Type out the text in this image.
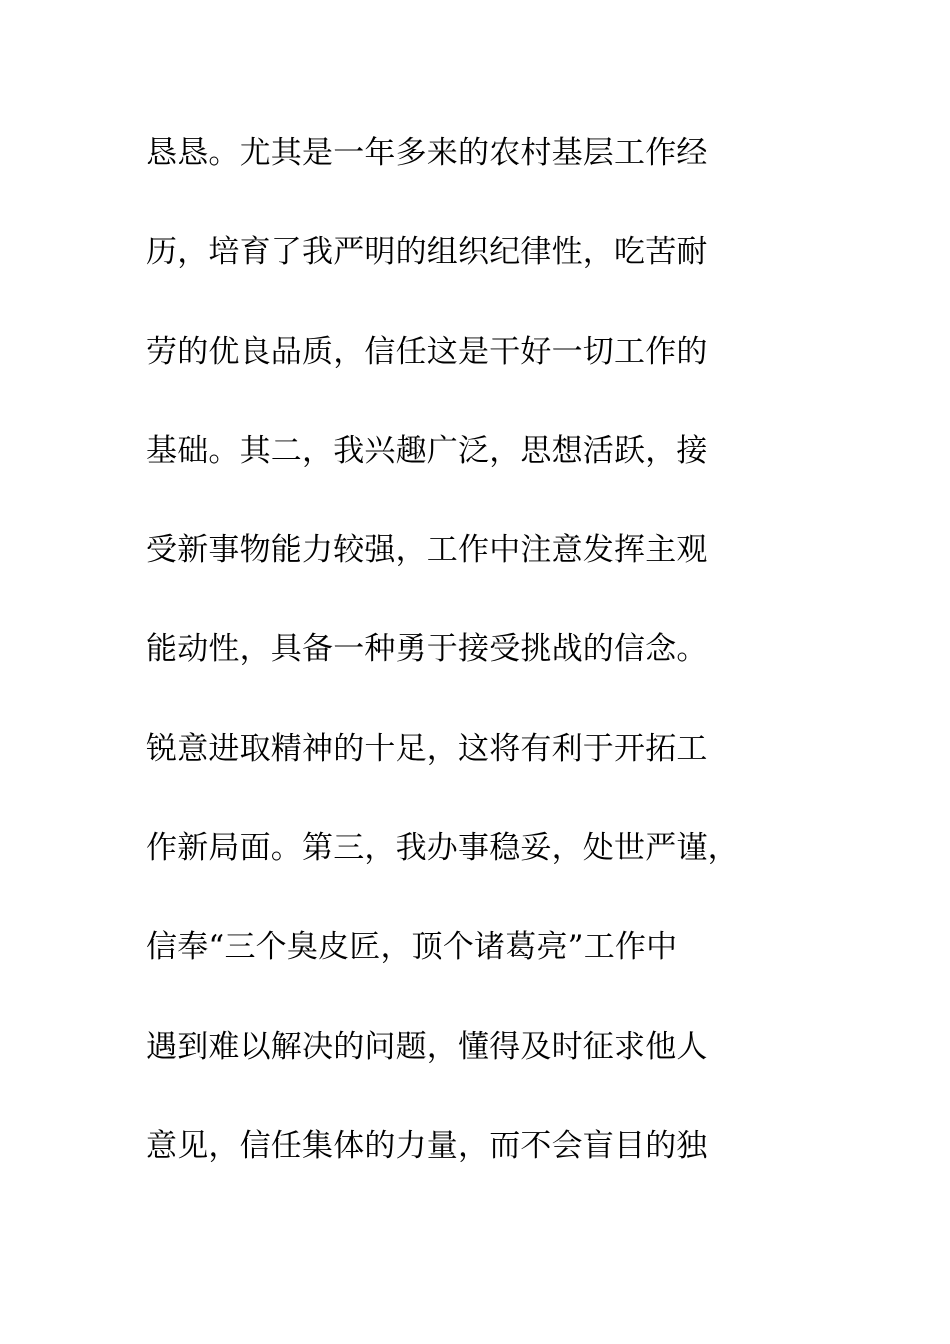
恳恳。尤其是一年多来的农村基层工作经
历，培育了我严明的组织纪律性，吃苦耐
劳的优良品质，信任这是干好一切工作的
基础。其二，我兴趣广泛，思想活跃，接
受新事物能力较强，工作中注意发挥主观
能动性，具备一种勇于接受挑战的信念。
锐意进取精神的十足，这将有利于开拓工
作新局面。第三，我办事稳妥，处世严谨，
信奉“三个臭皮匠，顶个诸葛亮”工作中
遇到难以解决的问题，懂得及时征求他人
意见，信任集体的力量，而不会盲目的独
